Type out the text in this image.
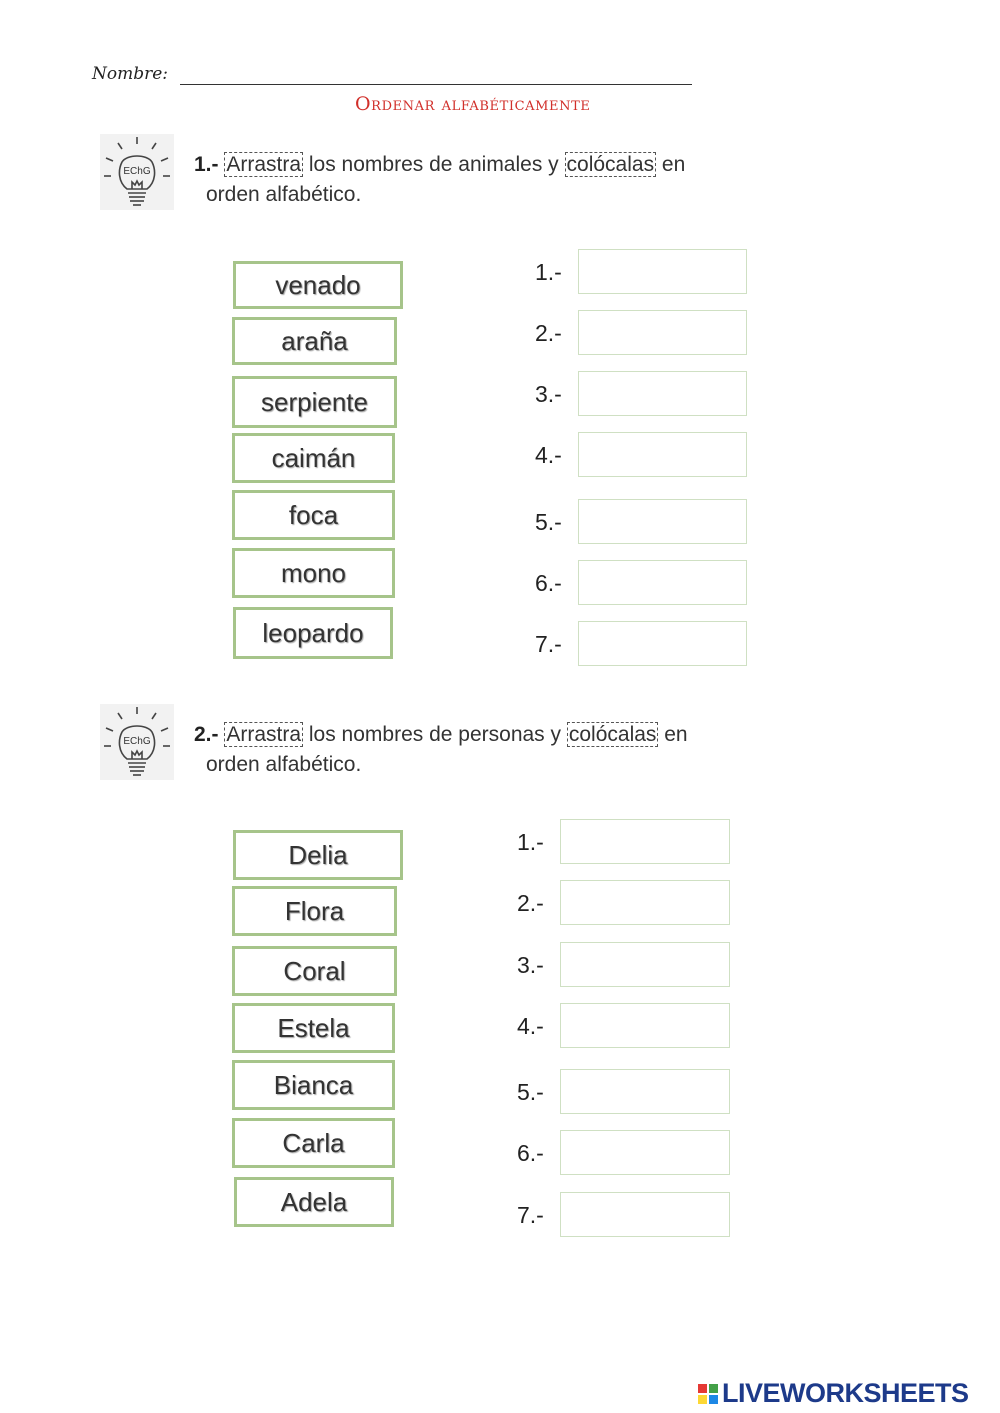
Nombre:
Ordenar alfabéticamente
EChG 1.- Arrastra los nombres de animales y colócalas en
orden alfabético.
venado
araña
serpiente
caimán
foca
mono
leopardo
1.-
2.-
3.-
4.-
5.-
6.-
7.-
EChG 2.- Arrastra los nombres de personas y colócalas en
orden alfabético.
Delia
Flora
Coral
Estela
Bianca
Carla
Adela
1.-
2.-
3.-
4.-
5.-
6.-
7.-
LIVEWORKSHEETS
